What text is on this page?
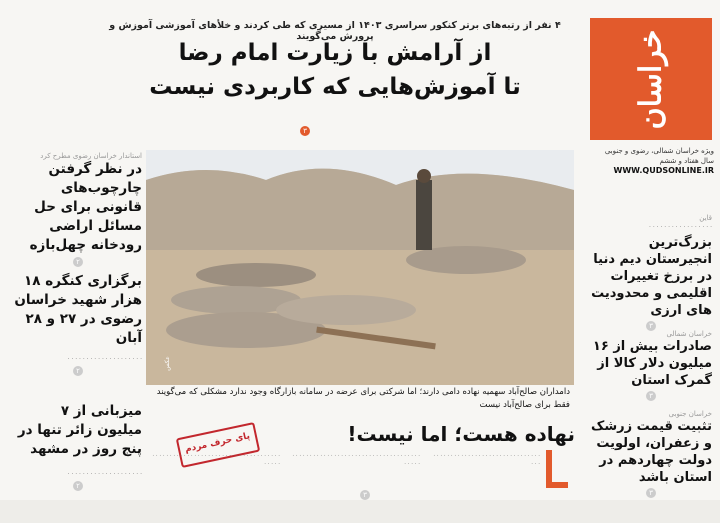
خراسان
ویژه خراسان شمالی، رضوی و جنوبی
سال هفتاد و ششم
WWW.QUDSONLINE.IR
۴ نفر از رتبه‌های برتر کنکور سراسری ۱۴۰۳ از مسیری که طی کردند و خلأهای آموزشی آموزش و پرورش می‌گویند
از آرامش با زیارت امام رضا
تا آموزش‌هایی که کاربردی نیست
۳
استاندار خراسان رضوی مطرح کرد
در نظر گرفتن چارچوب‌های قانونی برای حل مسائل اراضی رودخانه چهل‌بازه
۲
برگزاری کنگره ۱۸ هزار شهید خراسان رضوی در ۲۷ و ۲۸ آبان
· · · · · · · · · · · · · · · · · · · ·
۲
میزبانی از ۷ میلیون زائر تنها در پنج روز در مشهد
· · · · · · · · · · · · · · · · · · · ·
۲
عکس
دامداران صالح‌آباد سهمیه نهاده دامی دارند؛ اما شرکتی برای عرضه در سامانه بازارگاه وجود ندارد مشکلی که می‌گویند فقط برای صالح‌آباد نیست
نهاده هست؛ اما نیست!
پای حرف مردم
۳
· · · · · · · · · · · · · · · · · · · · · · · · · · · · · · · · · · · · · · · · · ·
· · · · · · · · · · · · · · · · · · · · · · · · · · · · · · · · · · · · · · · · · ·
· · · · · · · · · · · · · · · · · · · · · · · · · · · · · · · · · ·
قاین
· · · · · · · · · · · · · · · · ·
بزرگ‌ترین انجیرستان دیم دنیا در برزخ تغییرات اقلیمی و محدودیت های ارزی
۳
خراسان شمالی
صادرات بیش از ۱۶ میلیون دلار کالا از گمرک استان
۳
خراسان جنوبی
تثبیت قیمت زرشک و زعفران، اولویت دولت چهاردهم در استان باشد
۳
